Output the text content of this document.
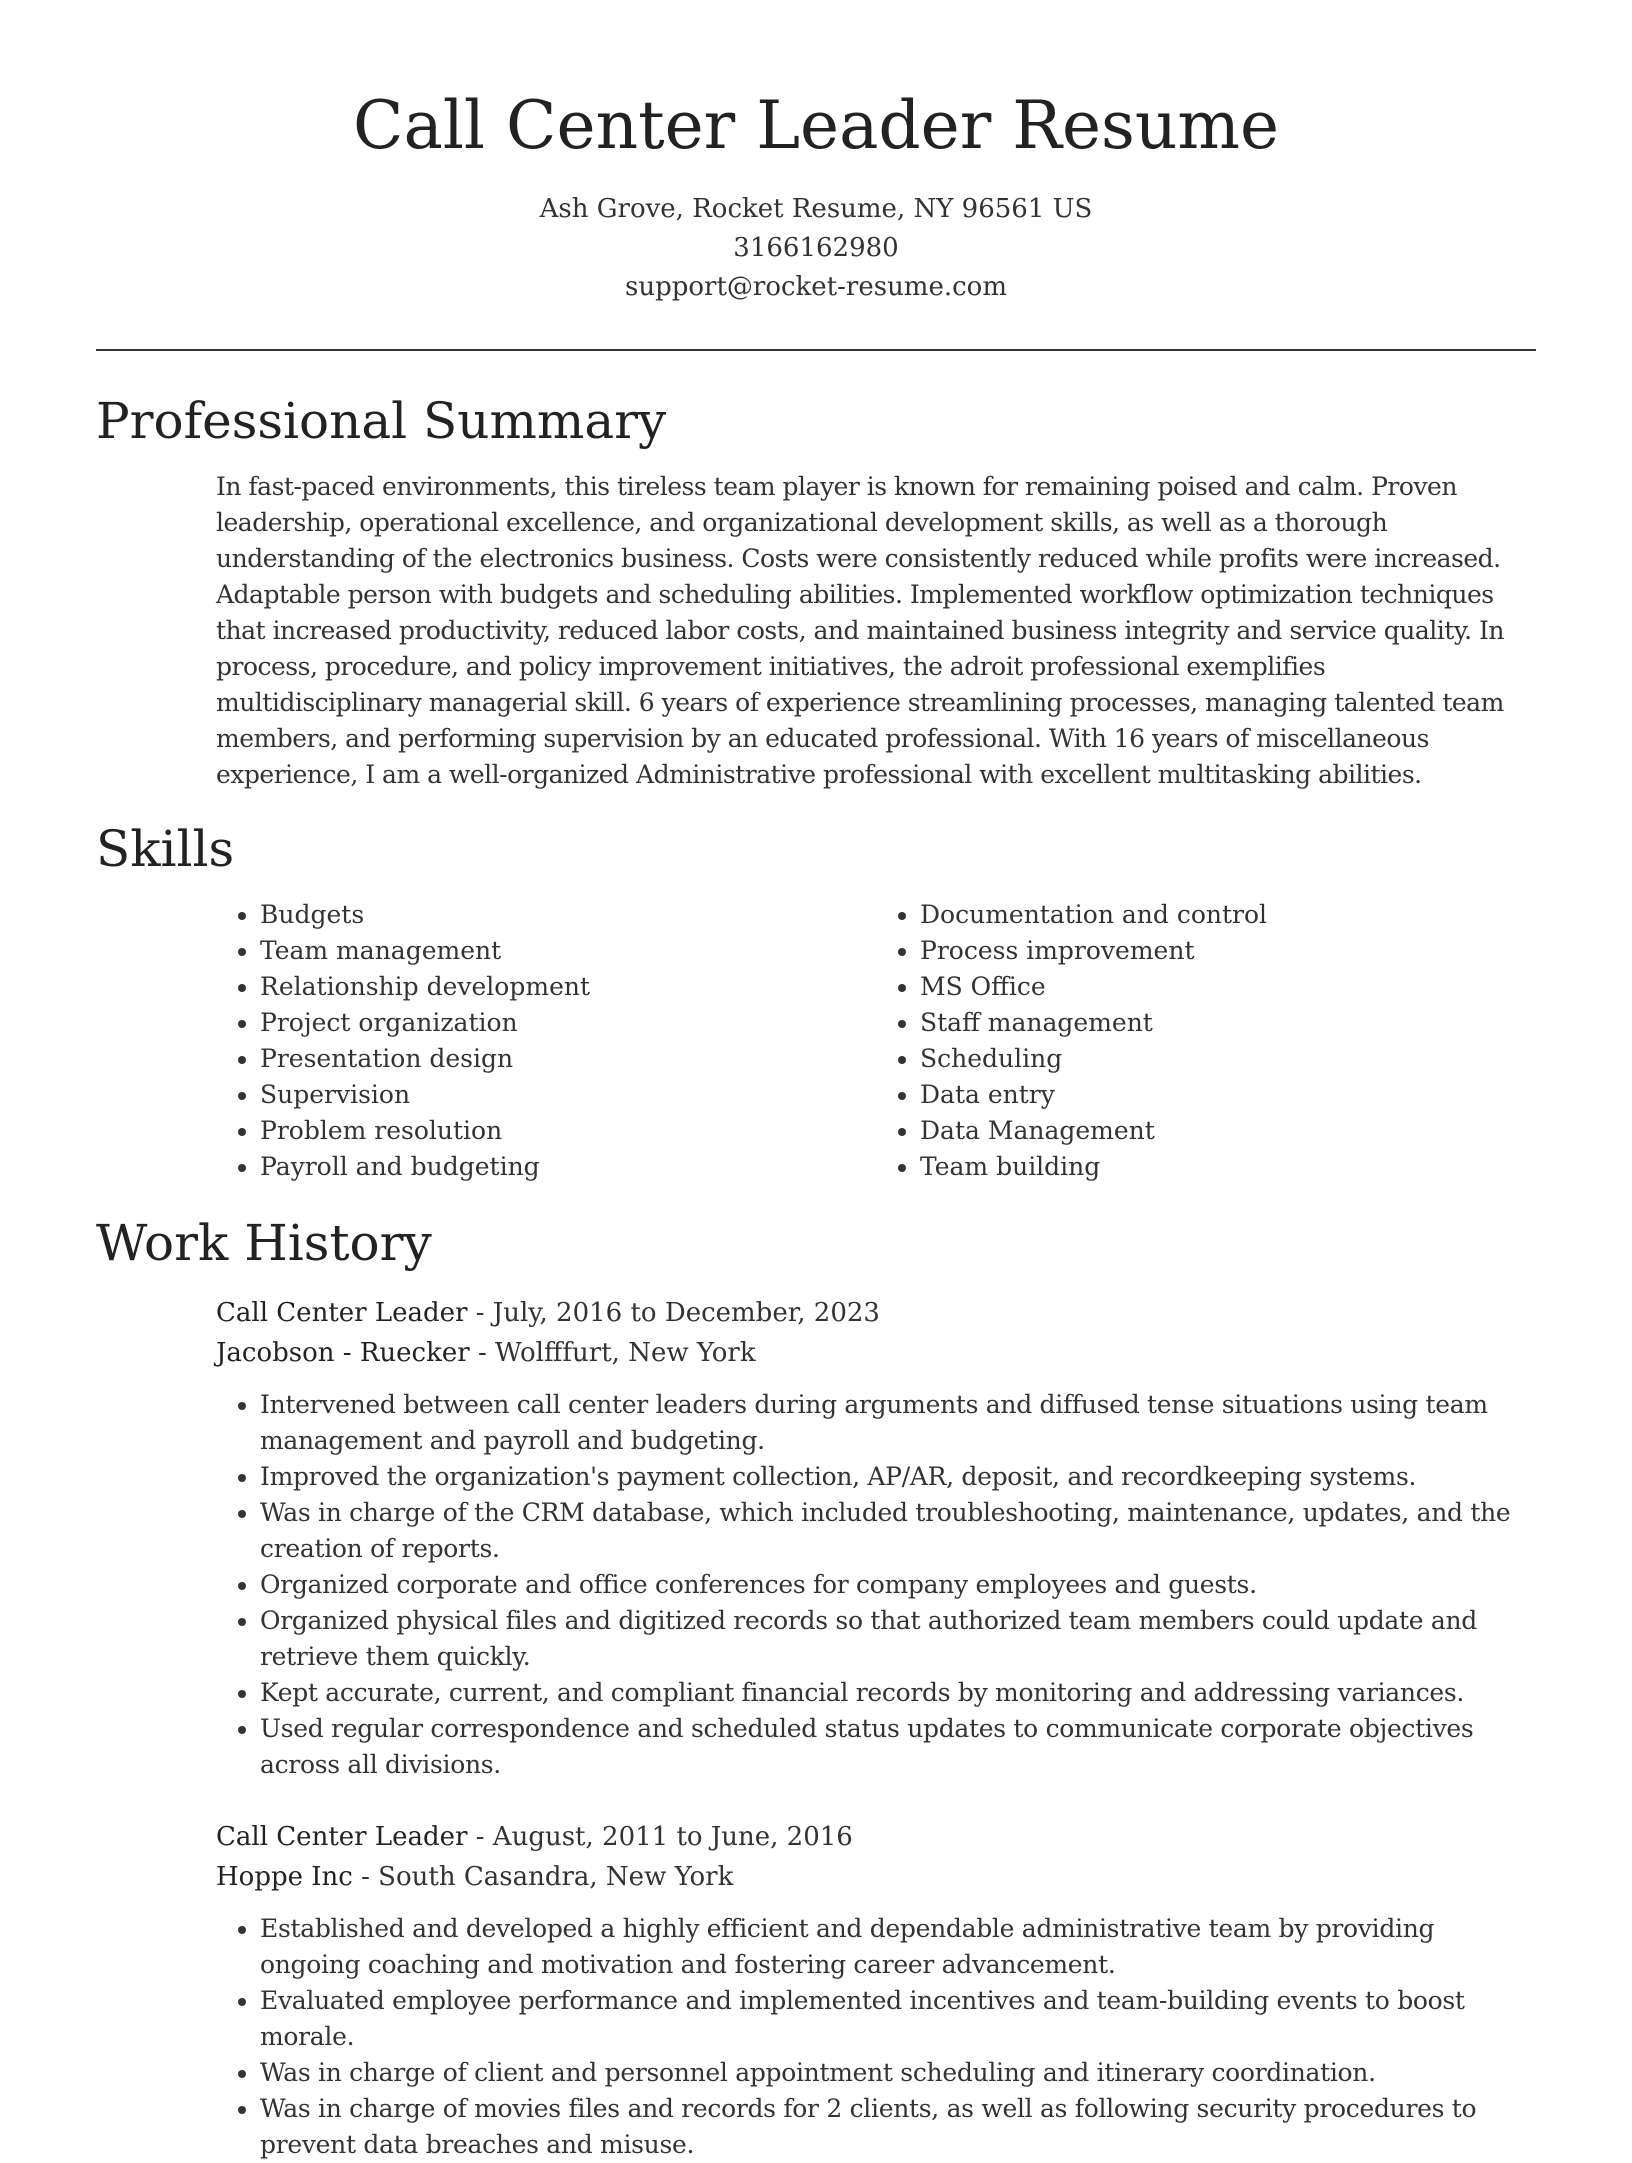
Call Center Leader Resume
Ash Grove, Rocket Resume, NY 96561 US
3166162980
support@rocket-resume.com
Professional Summary

In fast-paced environments, this tireless team player is known for remaining poised and calm. Proven leadership, operational excellence, and organizational development skills, as well as a thorough understanding of the electronics business. Costs were consistently reduced while profits were increased. Adaptable person with budgets and scheduling abilities. Implemented workflow optimization techniques that increased productivity, reduced labor costs, and maintained business integrity and service quality. In process, procedure, and policy improvement initiatives, the adroit professional exemplifies multidisciplinary managerial skill. 6 years of experience streamlining processes, managing talented team members, and performing supervision by an educated professional. With 16 years of miscellaneous experience, I am a well-organized Administrative professional with excellent multitasking abilities.

Skills
• Budgets
• Team management
• Relationship development
• Project organization
• Presentation design
• Supervision
• Problem resolution
• Payroll and budgeting
• Documentation and control
• Process improvement
• MS Office
• Staff management
• Scheduling
• Data entry
• Data Management
• Team building
Work History
Call Center Leader - July, 2016 to December, 2023
Jacobson - Ruecker - Wolfffurt, New York
• Intervened between call center leaders during arguments and diffused tense situations using team management and payroll and budgeting.
• Improved the organization's payment collection, AP/AR, deposit, and recordkeeping systems.
• Was in charge of the CRM database, which included troubleshooting, maintenance, updates, and the creation of reports.
• Organized corporate and office conferences for company employees and guests.
• Organized physical files and digitized records so that authorized team members could update and retrieve them quickly.
• Kept accurate, current, and compliant financial records by monitoring and addressing variances.
• Used regular correspondence and scheduled status updates to communicate corporate objectives across all divisions.
Call Center Leader - August, 2011 to June, 2016
Hoppe Inc - South Casandra, New York
• Established and developed a highly efficient and dependable administrative team by providing ongoing coaching and motivation and fostering career advancement.
• Evaluated employee performance and implemented incentives and team-building events to boost morale.
• Was in charge of client and personnel appointment scheduling and itinerary coordination.
• Was in charge of movies files and records for 2 clients, as well as following security procedures to prevent data breaches and misuse.
